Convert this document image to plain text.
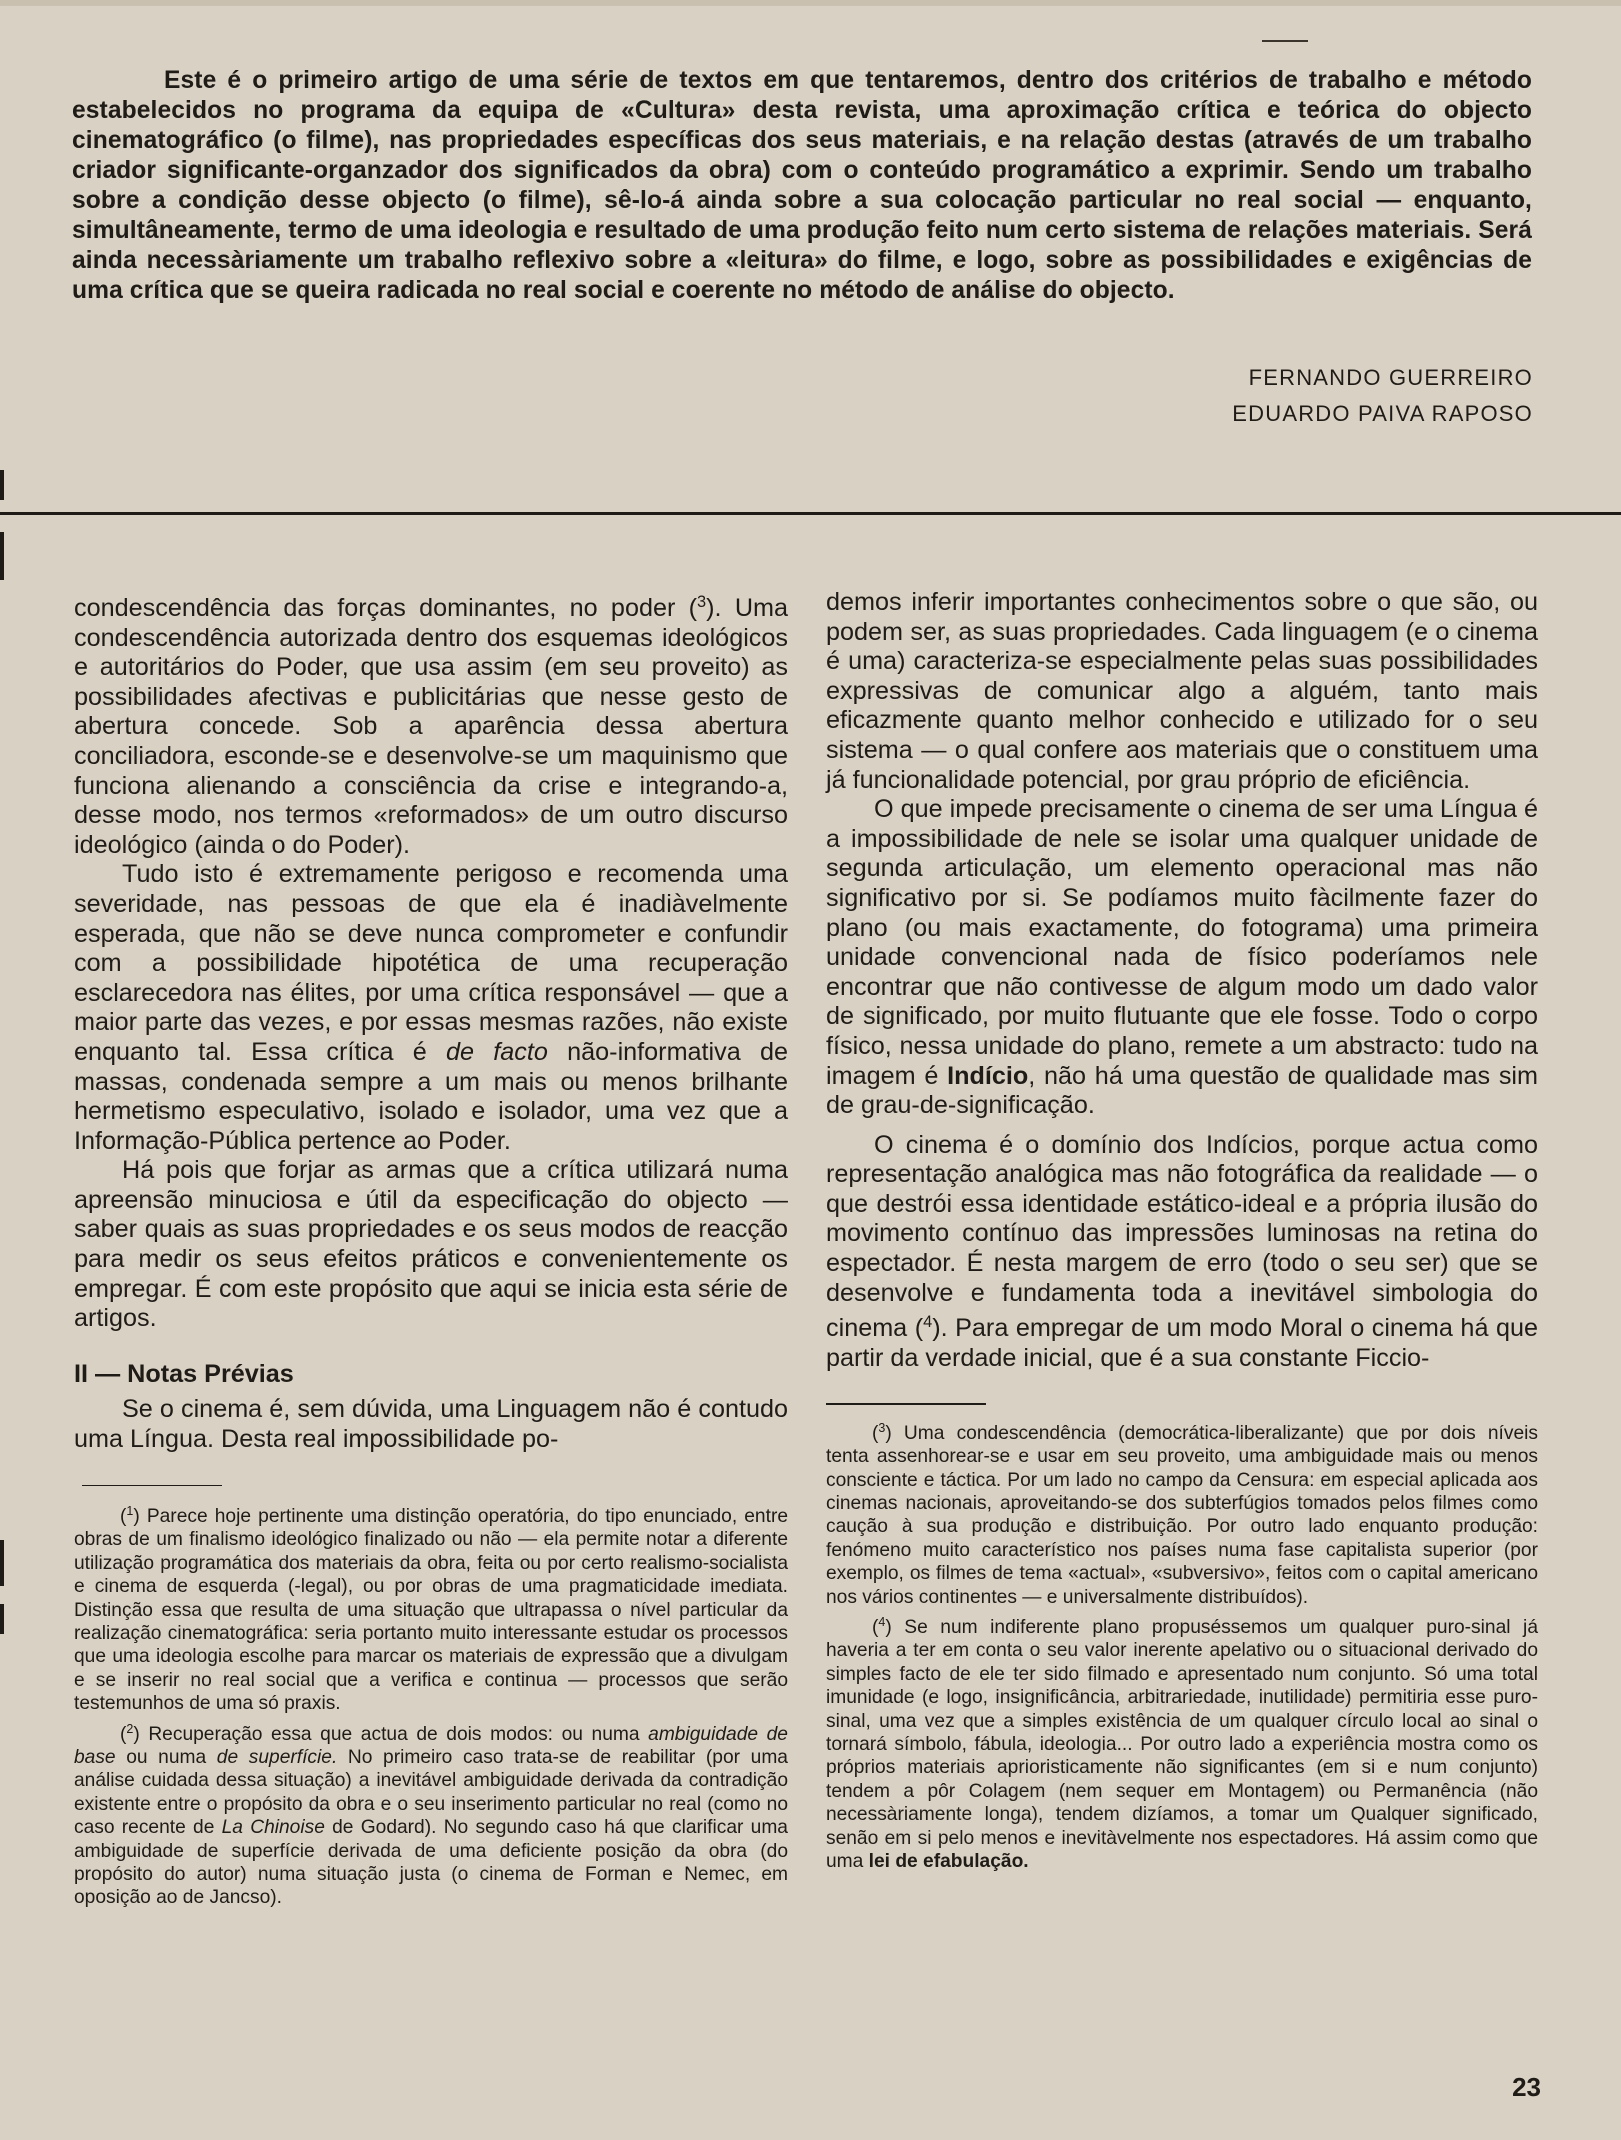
Este é o primeiro artigo de uma série de textos em que tentaremos, dentro dos critérios de trabalho e método estabelecidos no programa da equipa de «Cultura» desta revista, uma aproximação crítica e teórica do objecto cinematográfico (o filme), nas propriedades específicas dos seus materiais, e na relação destas (através de um trabalho criador significante-organzador dos significados da obra) com o conteúdo programático a exprimir. Sendo um trabalho sobre a condição desse objecto (o filme), sê-lo-á ainda sobre a sua colocação particular no real social — enquanto, simultâneamente, termo de uma ideologia e resultado de uma produção feito num certo sistema de relações materiais. Será ainda necessàriamente um trabalho reflexivo sobre a «leitura» do filme, e logo, sobre as possibilidades e exigências de uma crítica que se queira radicada no real social e coerente no método de análise do objecto.

FERNANDO GUERREIRO
EDUARDO PAIVA RAPOSO

condescendência das forças dominantes, no poder ($^3$). Uma condescendência autorizada dentro dos esquemas ideológicos e autoritários do Poder, que usa assim (em seu proveito) as possibilidades afectivas e publicitárias que nesse gesto de abertura concede. Sob a aparência dessa abertura conciliadora, esconde-se e desenvolve-se um maquinismo que funciona alienando a consciência da crise e integrando-a, desse modo, nos termos «reformados» de um outro discurso ideológico (ainda o do Poder).

Tudo isto é extremamente perigoso e recomenda uma severidade, nas pessoas de que ela é inadiàvelmente esperada, que não se deve nunca comprometer e confundir com a possibilidade hipotética de uma recuperação esclarecedora nas élites, por uma crítica responsável — que a maior parte das vezes, e por essas mesmas razões, não existe enquanto tal. Essa crítica é de facto não-informativa de massas, condenada sempre a um mais ou menos brilhante hermetismo especulativo, isolado e isolador, uma vez que a Informação-Pública pertence ao Poder.

Há pois que forjar as armas que a crítica utilizará numa apreensão minuciosa e útil da especificação do objecto — saber quais as suas propriedades e os seus modos de reacção para medir os seus efeitos práticos e convenientemente os empregar. É com este propósito que aqui se inicia esta série de artigos.

II — Notas Prévias

Se o cinema é, sem dúvida, uma Linguagem não é contudo uma Língua. Desta real impossibilidade po-

($^1$) Parece hoje pertinente uma distinção operatória, do tipo enunciado, entre obras de um finalismo ideológico finalizado ou não — ela permite notar a diferente utilização programática dos materiais da obra, feita ou por certo realismo-socialista e cinema de esquerda (-legal), ou por obras de uma pragmaticidade imediata. Distinção essa que resulta de uma situação que ultrapassa o nível particular da realização cinematográfica: seria portanto muito interessante estudar os processos que uma ideologia escolhe para marcar os materiais de expressão que a divulgam e se inserir no real social que a verifica e continua — processos que serão testemunhos de uma só praxis.

($^2$) Recuperação essa que actua de dois modos: ou numa ambiguidade de base ou numa de superfície. No primeiro caso trata-se de reabilitar (por uma análise cuidada dessa situação) a inevitável ambiguidade derivada da contradição existente entre o propósito da obra e o seu inserimento particular no real (como no caso recente de La Chinoise de Godard). No segundo caso há que clarificar uma ambiguidade de superfície derivada de uma deficiente posição da obra (do propósito do autor) numa situação justa (o cinema de Forman e Nemec, em oposição ao de Jancso).

demos inferir importantes conhecimentos sobre o que são, ou podem ser, as suas propriedades. Cada linguagem (e o cinema é uma) caracteriza-se especialmente pelas suas possibilidades expressivas de comunicar algo a alguém, tanto mais eficazmente quanto melhor conhecido e utilizado for o seu sistema — o qual confere aos materiais que o constituem uma já funcionalidade potencial, por grau próprio de eficiência.

O que impede precisamente o cinema de ser uma Língua é a impossibilidade de nele se isolar uma qualquer unidade de segunda articulação, um elemento operacional mas não significativo por si. Se podíamos muito fàcilmente fazer do plano (ou mais exactamente, do fotograma) uma primeira unidade convencional nada de físico poderíamos nele encontrar que não contivesse de algum modo um dado valor de significado, por muito flutuante que ele fosse. Todo o corpo físico, nessa unidade do plano, remete a um abstracto: tudo na imagem é Indício, não há uma questão de qualidade mas sim de grau-de-significação.

O cinema é o domínio dos Indícios, porque actua como representação analógica mas não fotográfica da realidade — o que destrói essa identidade estático-ideal e a própria ilusão do movimento contínuo das impressões luminosas na retina do espectador. É nesta margem de erro (todo o seu ser) que se desenvolve e fundamenta toda a inevitável simbologia do cinema ($^4$). Para empregar de um modo Moral o cinema há que partir da verdade inicial, que é a sua constante Ficcio-

($^3$) Uma condescendência (democrática-liberalizante) que por dois níveis tenta assenhorear-se e usar em seu proveito, uma ambiguidade mais ou menos consciente e táctica. Por um lado no campo da Censura: em especial aplicada aos cinemas nacionais, aproveitando-se dos subterfúgios tomados pelos filmes como caução à sua produção e distribuição. Por outro lado enquanto produção: fenómeno muito característico nos países numa fase capitalista superior (por exemplo, os filmes de tema «actual», «subversivo», feitos com o capital americano nos vários continentes — e universalmente distribuídos).

($^4$) Se num indiferente plano propuséssemos um qualquer puro-sinal já haveria a ter em conta o seu valor inerente apelativo ou o situacional derivado do simples facto de ele ter sido filmado e apresentado num conjunto. Só uma total imunidade (e logo, insignificância, arbitrariedade, inutilidade) permitiria esse puro-sinal, uma vez que a simples existência de um qualquer círculo local ao sinal o tornará símbolo, fábula, ideologia... Por outro lado a experiência mostra como os próprios materiais aprioristicamente não significantes (em si e num conjunto) tendem a pôr Colagem (nem sequer em Montagem) ou Permanência (não necessàriamente longa), tendem dizíamos, a tomar um Qualquer significado, senão em si pelo menos e inevitàvelmente nos espectadores. Há assim como que uma lei de efabulação.

23
